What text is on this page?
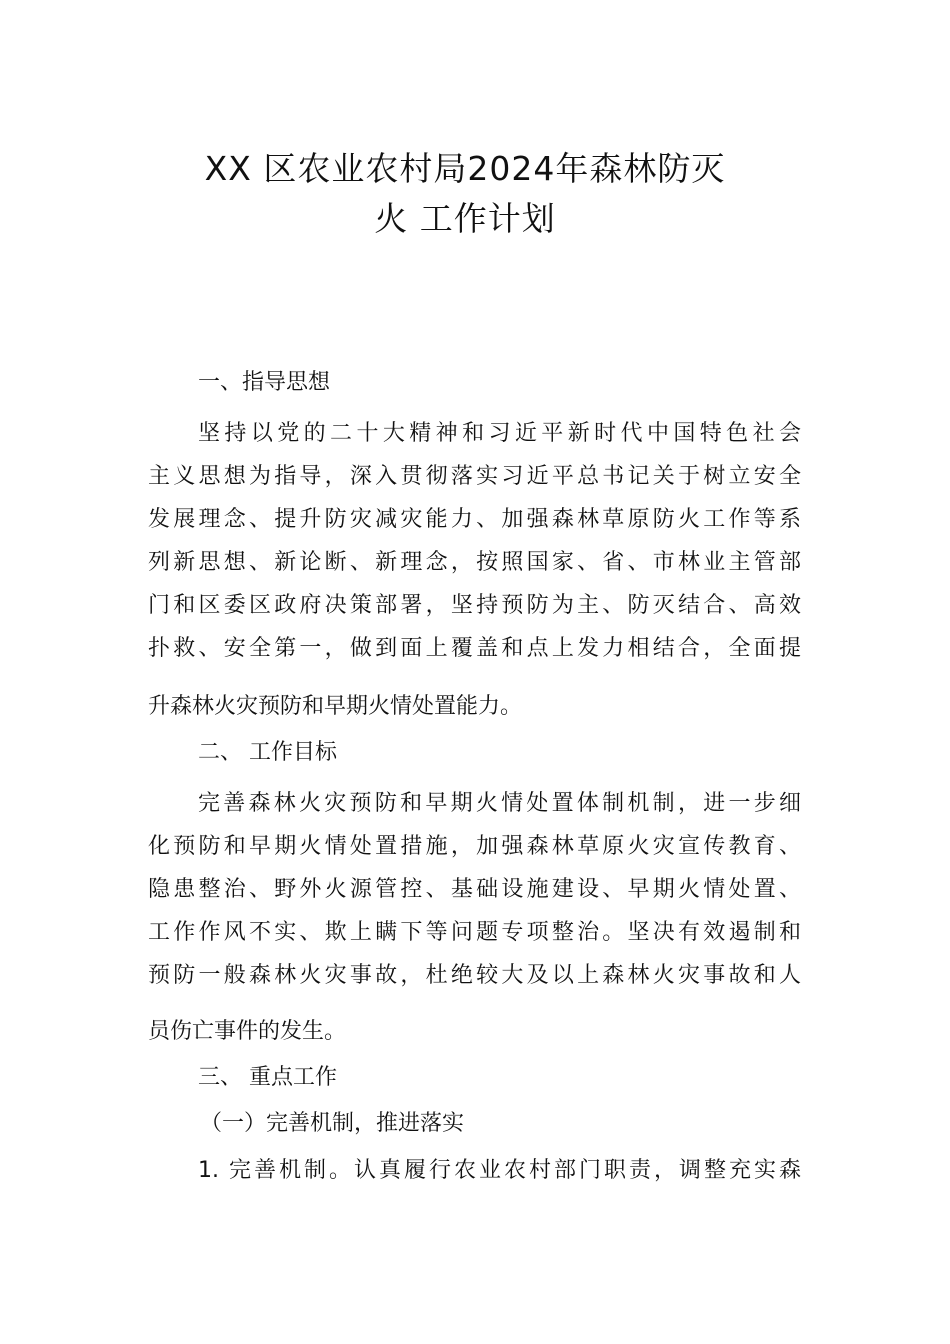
XX 区农业农村局2024年森林防灭
火 工作计划
一、指导思想
坚持以党的二十大精神和习近平新时代中国特色社会
主义思想为指导，深入贯彻落实习近平总书记关于树立安全
发展理念、提升防灾减灾能力、加强森林草原防火工作等系
列新思想、新论断、新理念，按照国家、省、市林业主管部
门和区委区政府决策部署，坚持预防为主、防灭结合、高效
扑救、安全第一，做到面上覆盖和点上发力相结合，全面提
升森林火灾预防和早期火情处置能力。
二、 工作目标
完善森林火灾预防和早期火情处置体制机制，进一步细
化预防和早期火情处置措施，加强森林草原火灾宣传教育、
隐患整治、野外火源管控、基础设施建设、早期火情处置、
工作作风不实、欺上瞒下等问题专项整治。坚决有效遏制和
预防一般森林火灾事故，杜绝较大及以上森林火灾事故和人
员伤亡事件的发生。
三、 重点工作
（一）完善机制，推进落实
1. 完善机制。认真履行农业农村部门职责，调整充实森
